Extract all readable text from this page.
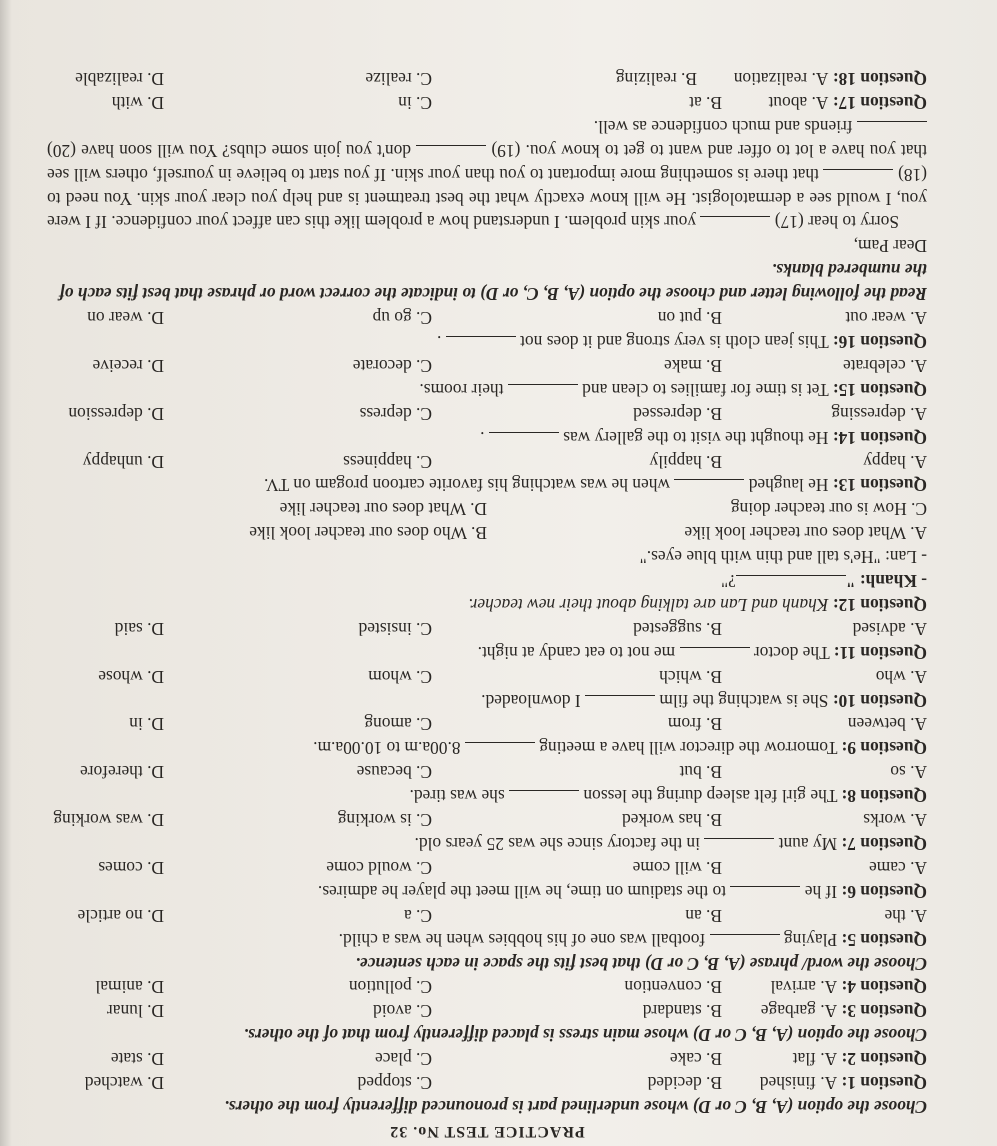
PRACTICE TEST No. 32
Choose the option (A, B, C or D) whose underlined part is pronounced differently from the others.
Question 1: A. finished
B. decided
C. stopped
D. watched
Question 2: A. flat
B. cake
C. place
D. state
Choose the option (A, B, C or D) whose main stress is placed differently from that of the others.
Question 3: A. garbage
B. standard
C. avoid
D. lunar
Question 4: A. arrival
B. convention
C. pollution
D. animal
Choose the word/ phrase (A, B, C or D) that best fits the space in each sentence.
Question 5: Playing  football was one of his hobbies when he was a child.
A. the
B. an
C. a
D. no article
Question 6: If he  to the stadium on time, he will meet the player he admires.
A. came
B. will come
C. would come
D. comes
Question 7: My aunt  in the factory since she was 25 years old.
A. works
B. has worked
C. is working
D. was working
Question 8: The girl felt asleep during the lesson  she was tired.
A. so
B. but
C. because
D. therefore
Question 9: Tomorrow the director will have a meeting  8.00a.m to 10.00a.m.
A. between
B. from
C. among
D. in
Question 10: She is watching the film  I downloaded.
A. who
B. which
C. whom
D. whose
Question 11: The doctor  me not to eat candy at night.
A. advised
B. suggested
C. insisted
D. said
Question 12: Khanh and Lan are talking about their new teacher.
- Khanh: "?"
- Lan: "He's tall and thin with blue eyes."
A. What does our teacher look like
B. Who does our teacher look like
C. How is our teacher doing
D. What does our teacher like
Question 13: He laughed  when he was watching his favorite cartoon progam on TV.
A. happy
B. happily
C. happiness
D. unhappy
Question 14: He thought the visit to the gallery was  .
A. depressing
B. depressed
C. depress
D. depression
Question 15: Tet is time for families to clean and  their rooms.
A. celebrate
B. make
C. decorate
D. receive
Question 16: This jean cloth is very strong and it does not  .
A. wear out
B. put on
C. go up
D. wear on
Read the following letter and choose the option (A, B, C, or D) to indicate the correct word or phrase that best fits each of the numbered blanks.
Dear Pam,
Sorry to hear (17)  your skin problem. I understand how a problem like this can affect your confidence. If I were you, I would see a dermatologist. He will know exactly what the best treatment is and help you clear your skin. You need to (18)  that there is something more important to you than your skin. If you start to believe in yourself, others will see that you have a lot to offer and want to get to know you. (19)  don't you join some clubs? You will soon have (20)  friends and much confidence as well.
Question 17: A. about
B. at
C. in
D. with
Question 18: A. realization
B. realizing
C. realize
D. realizable
